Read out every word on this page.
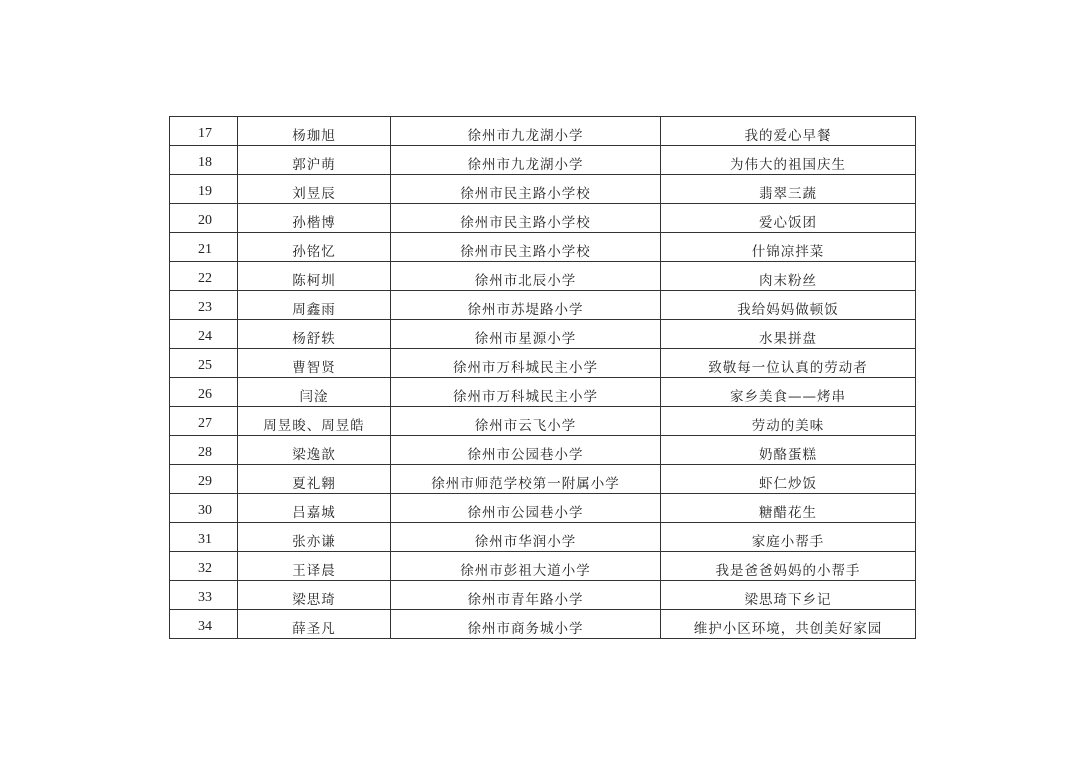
17	杨珈旭	徐州市九龙湖小学	我的爱心早餐
18	郭沪萌	徐州市九龙湖小学	为伟大的祖国庆生
19	刘昱辰	徐州市民主路小学校	翡翠三蔬
20	孙楷博	徐州市民主路小学校	爱心饭团
21	孙铭忆	徐州市民主路小学校	什锦凉拌菜
22	陈柯圳	徐州市北辰小学	肉末粉丝
23	周鑫雨	徐州市苏堤路小学	我给妈妈做顿饭
24	杨舒轶	徐州市星源小学	水果拼盘
25	曹智贤	徐州市万科城民主小学	致敬每一位认真的劳动者
26	闫淦	徐州市万科城民主小学	家乡美食——烤串
27	周昱晙、周昱皓	徐州市云飞小学	劳动的美味
28	梁逸歆	徐州市公园巷小学	奶酪蛋糕
29	夏礼翱	徐州市师范学校第一附属小学	虾仁炒饭
30	吕嘉城	徐州市公园巷小学	糖醋花生
31	张亦谦	徐州市华润小学	家庭小帮手
32	王译晨	徐州市彭祖大道小学	我是爸爸妈妈的小帮手
33	梁思琦	徐州市青年路小学	梁思琦下乡记
34	薛圣凡	徐州市商务城小学	维护小区环境，共创美好家园
